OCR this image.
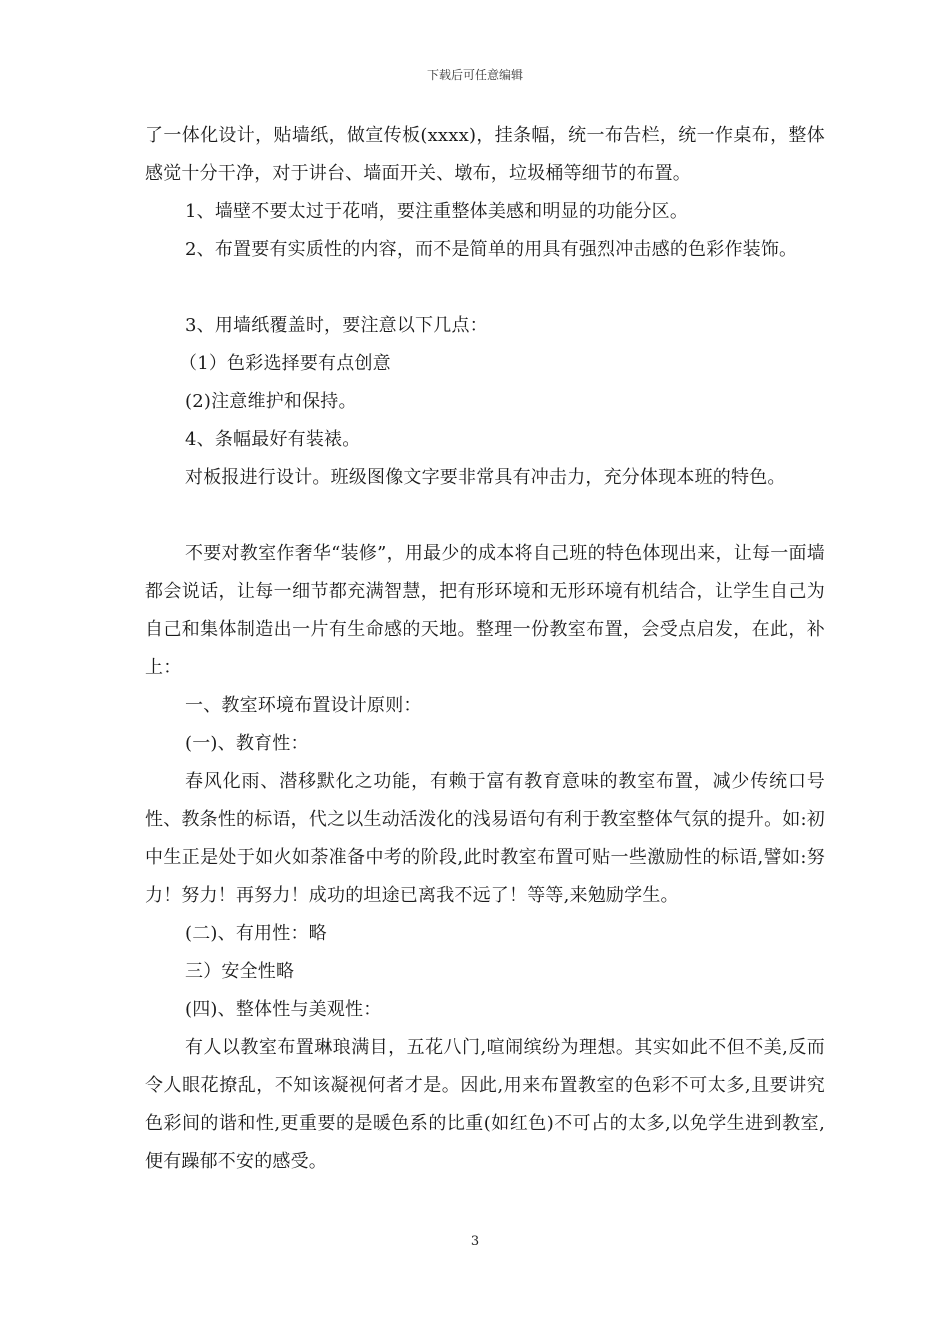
下载后可任意编辑

了一体化设计，贴墙纸，做宣传板(xxxx)，挂条幅，统一布告栏，统一作桌布，整体感觉十分干净，对于讲台、墙面开关、墩布，垃圾桶等细节的布置。

1、墙壁不要太过于花哨，要注重整体美感和明显的功能分区。

2、布置要有实质性的内容，而不是简单的用具有强烈冲击感的色彩作装饰。

3、用墙纸覆盖时，要注意以下几点：

（1）色彩选择要有点创意

(2)注意维护和保持。

4、条幅最好有装裱。

对板报进行设计。班级图像文字要非常具有冲击力，充分体现本班的特色。

不要对教室作奢华“装修”，用最少的成本将自己班的特色体现出来，让每一面墙都会说话，让每一细节都充满智慧，把有形环境和无形环境有机结合，让学生自己为自己和集体制造出一片有生命感的天地。整理一份教室布置，会受点启发，在此，补上：

一、教室环境布置设计原则：

(一)、教育性：

春风化雨、潜移默化之功能，有赖于富有教育意味的教室布置，减少传统口号性、教条性的标语，代之以生动活泼化的浅易语句有利于教室整体气氛的提升。如:初中生正是处于如火如荼准备中考的阶段,此时教室布置可贴一些激励性的标语,譬如:努力！努力！再努力！成功的坦途已离我不远了！等等,来勉励学生。

(二)、有用性：略

三）安全性略

(四)、整体性与美观性：

有人以教室布置琳琅满目，五花八门,喧闹缤纷为理想。其实如此不但不美,反而令人眼花撩乱，不知该凝视何者才是。因此,用来布置教室的色彩不可太多,且要讲究色彩间的谐和性,更重要的是暖色系的比重(如红色)不可占的太多,以免学生进到教室,便有躁郁不安的感受。

3
